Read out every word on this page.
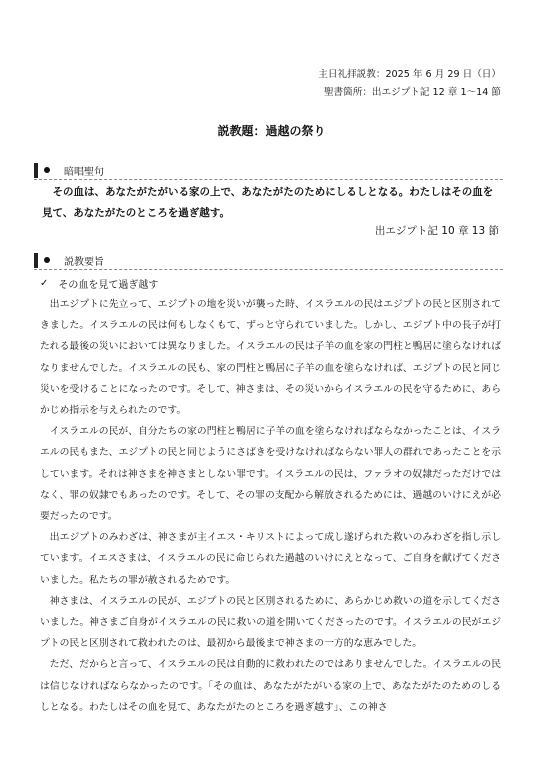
主日礼拝説教：2025 年 6 月 29 日（日）
聖書箇所：出エジプト記 12 章 1～14 節
説教題：過越の祭り
暗唱聖句
その血は、あなたがたがいる家の上で、あなたがたのためにしるしとなる。わたしはその血を見て、あなたがたのところを過ぎ越す。
出エジプト記 10 章 13 節
説教要旨
✓ その血を見て過ぎ越す

出エジプトに先立って、エジプトの地を災いが襲った時、イスラエルの民はエジプトの民と区別されてきました。イスラエルの民は何もしなくもて、ずっと守られていました。しかし、エジプト中の長子が打たれる最後の災いにおいては異なりました。イスラエルの民は子羊の血を家の門柱と鴨居に塗らなければなりませんでした。イスラエルの民も、家の門柱と鴨居に子羊の血を塗らなければ、エジプトの民と同じ災いを受けることになったのです。そして、神さまは、その災いからイスラエルの民を守るために、あらかじめ指示を与えられたのです。

イスラエルの民が、自分たちの家の門柱と鴨居に子羊の血を塗らなければならなかったことは、イスラエルの民もまた、エジプトの民と同じようにさばきを受けなければならない罪人の群れであったことを示しています。それは神さまを神さまとしない罪です。イスラエルの民は、ファラオの奴隷だっただけではなく、罪の奴隷でもあったのです。そして、その罪の支配から解放されるためには、過越のいけにえが必要だったのです。

出エジプトのみわざは、神さまが主イエス・キリストによって成し遂げられた救いのみわざを指し示しています。イエスさまは、イスラエルの民に命じられた過越のいけにえとなって、ご自身を献げてくださいました。私たちの罪が赦されるためです。

神さまは、イスラエルの民が、エジプトの民と区別されるために、あらかじめ救いの道を示してくださいました。神さまご自身がイスラエルの民に救いの道を開いてくださったのです。イスラエルの民がエジプトの民と区別されて救われたのは、最初から最後まで神さまの一方的な恵みでした。

ただ、だからと言って、イスラエルの民は自動的に救われたのではありませんでした。イスラエルの民は信じなければならなかったのです。「その血は、あなたがたがいる家の上で、あなたがたのためのしるしとなる。わたしはその血を見て、あなたがたのところを過ぎ越す」、この神さ
